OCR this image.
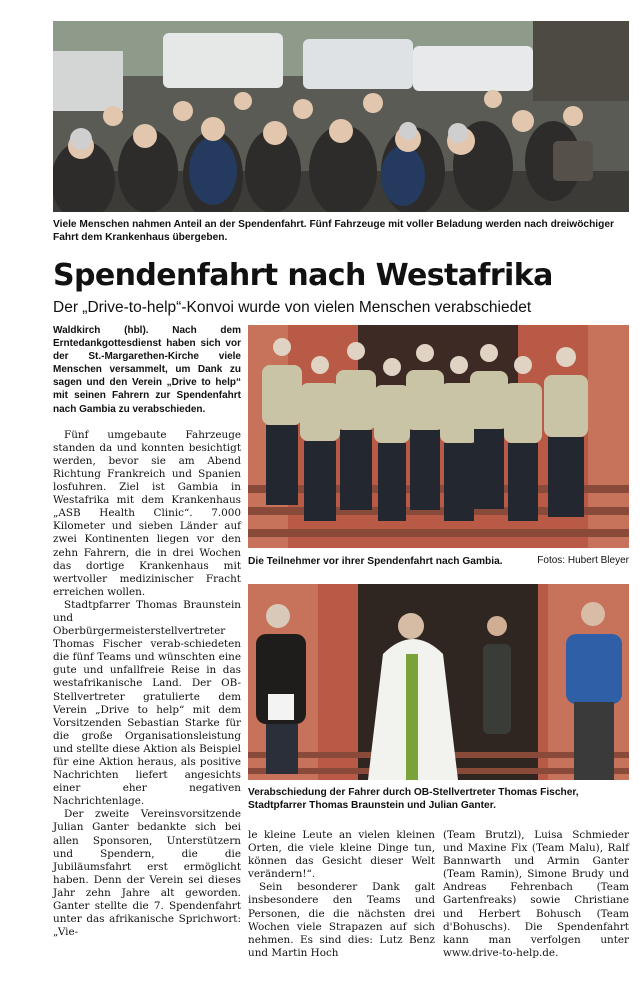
Viele Menschen nahmen Anteil an der Spendenfahrt. Fünf Fahrzeuge mit voller Beladung werden nach dreiwöchiger Fahrt dem Krankenhaus übergeben.
Spendenfahrt nach Westafrika
Der „Drive-to-help“-Konvoi wurde von vielen Menschen verabschiedet

Waldkirch (hbl). Nach dem Erntedankgottesdienst haben sich vor der St.-Margarethen-Kirche viele Menschen versammelt, um Dank zu sagen und den Verein „Drive to help“ mit seinen Fahrern zur Spendenfahrt nach Gambia zu verabschieden.

Fünf umgebaute Fahrzeuge standen da und konnten besichtigt werden, bevor sie am Abend Richtung Frankreich und Spanien losfuhren. Ziel ist Gambia in Westafrika mit dem Krankenhaus „ASB Health Clinic“. 7.000 Kilometer und sieben Länder auf zwei Kontinenten liegen vor den zehn Fahrern, die in drei Wochen das dortige Krankenhaus mit wertvoller medizinischer Fracht erreichen wollen.

Stadtpfarrer Thomas Braunstein und Oberbürgermeisterstellvertreter Thomas Fischer verab-schiedeten die fünf Teams und wünschten eine gute und unfallfreie Reise in das westafrikanische Land. Der OB-Stellvertreter gratulierte dem Verein „Drive to help“ mit dem Vorsitzenden Sebastian Starke für die große Organisationsleistung und stellte diese Aktion als Beispiel für eine Aktion heraus, als positive Nachrichten liefert angesichts einer eher negativen Nachrichtenlage.

Der zweite Vereinsvorsitzende Julian Ganter bedankte sich bei allen Sponsoren, Unterstützern und Spendern, die die Jubiläumsfahrt erst ermöglicht haben. Denn der Verein sei dieses Jahr zehn Jahre alt geworden. Ganter stellte die 7. Spendenfahrt unter das afrikanische Sprichwort: „Vie-

Die Teilnehmer vor ihrer Spendenfahrt nach Gambia.	Fotos: Hubert Bleyer
Verabschiedung der Fahrer durch OB-Stellvertreter Thomas Fischer, Stadtpfarrer Thomas Braunstein und Julian Ganter.

le kleine Leute an vielen kleinen Orten, die viele kleine Dinge tun, können das Gesicht dieser Welt verändern!“.

Sein besonderer Dank galt insbesondere den Teams und Personen, die die nächsten drei Wochen viele Strapazen auf sich nehmen. Es sind dies: Lutz Benz und Martin Hoch

(Team Brutzl), Luisa Schmieder und Maxine Fix (Team Malu), Ralf Bannwarth und Armin Ganter (Team Ramin), Simone Brudy und Andreas Fehrenbach (Team Gartenfreaks) sowie Christiane und Herbert Bohusch (Team d'Bohuschs). Die Spendenfahrt kann man verfolgen unter www.drive-to-help.de.
